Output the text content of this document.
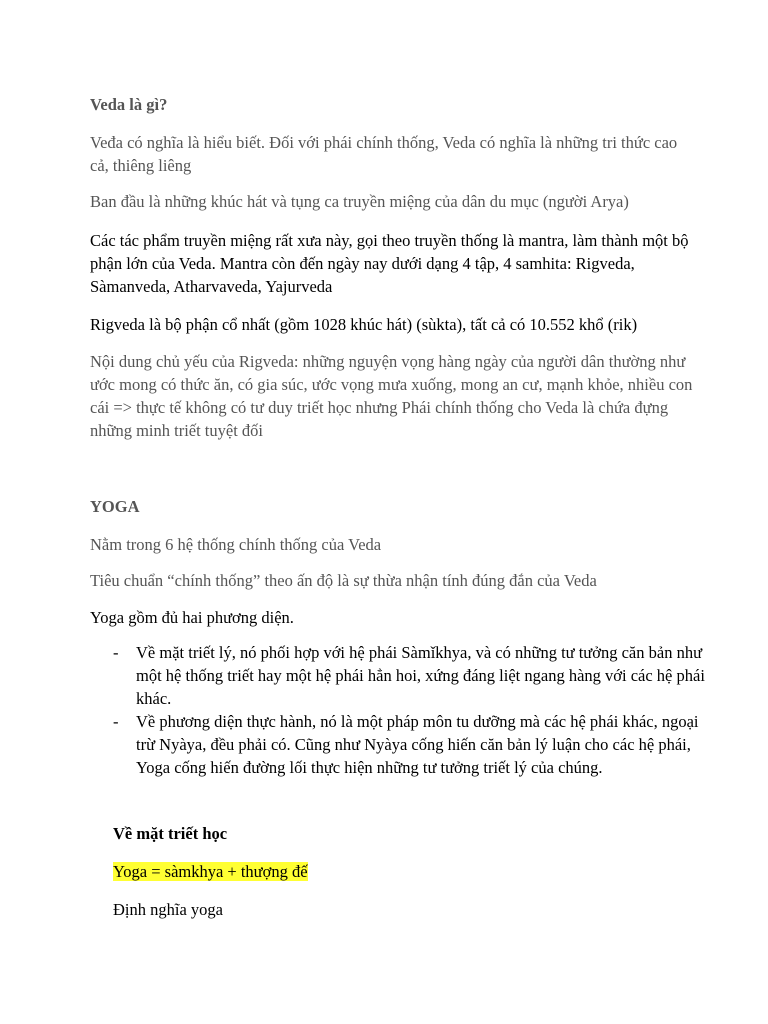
Veda là gì?

Veđa có nghĩa là hiểu biết. Đối với phái chính thống, Veda có nghĩa là những tri thức cao cả, thiêng liêng

Ban đầu là những khúc hát và tụng ca truyền miệng của dân du mục (người Arya)

Các tác phẩm truyền miệng rất xưa này, gọi theo truyền thống là mantra, làm thành một bộ phận lớn của Veda. Mantra còn đến ngày nay dưới dạng 4 tập, 4 samhita: Rigveda, Sàmanveda, Atharvaveda, Yajurveda

Rigveda là bộ phận cổ nhất (gồm 1028 khúc hát) (sùkta), tất cả có 10.552 khổ (rik)

Nội dung chủ yếu của Rigveda: những nguyện vọng hàng ngày của người dân thường như ước mong có thức ăn, có gia súc, ước vọng mưa xuống, mong an cư, mạnh khỏe, nhiều con cái => thực tế không có tư duy triết học nhưng Phái chính thống cho Veda là chứa đựng những minh triết tuyệt đối

YOGA

Nằm trong 6 hệ thống chính thống của Veda

Tiêu chuẩn “chính thống” theo ấn độ là sự thừa nhận tính đúng đắn của Veda

Yoga gồm đủ hai phương diện.

- Về mặt triết lý, nó phối hợp với hệ phái Sàmǐkhya, và có những tư tưởng căn bản như một hệ thống triết hay một hệ phái hẳn hoi, xứng đáng liệt ngang hàng với các hệ phái khác.
- Về phương diện thực hành, nó là một pháp môn tu dưỡng mà các hệ phái khác, ngoại trừ Nyàya, đều phải có. Cũng như Nyàya cống hiến căn bản lý luận cho các hệ phái, Yoga cống hiến đường lối thực hiện những tư tưởng triết lý của chúng.

Về mặt triết học

Yoga = sàmkhya + thượng đế

Định nghĩa yoga
